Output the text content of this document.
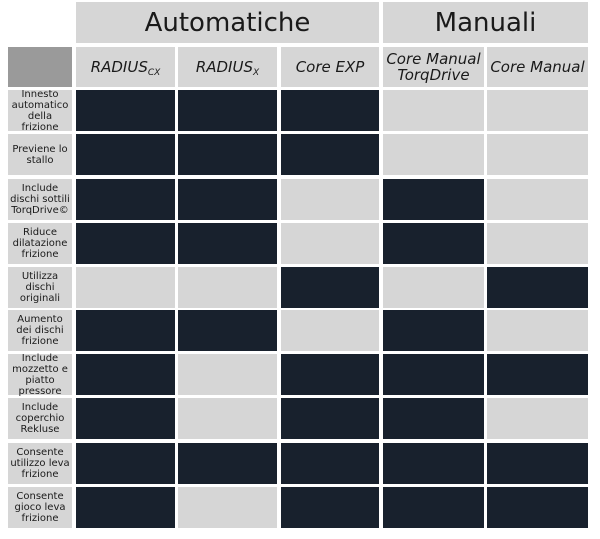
Automatiche	Manuali
$RADIUS_{CX}$ $RADIUS_X$ Core EXP Core Manual TorqDrive	Core Manual
Innesto automatico della frizione
Previene lo stallo
Include dischi sottili TorqDrive©
Riduce dilatazione frizione
Utilizza dischi originali
Aumento dei dischi frizione
Include mozzetto e piatto pressore
Include coperchio Rekluse
Consente utilizzo leva frizione
Consente gioco leva frizione
